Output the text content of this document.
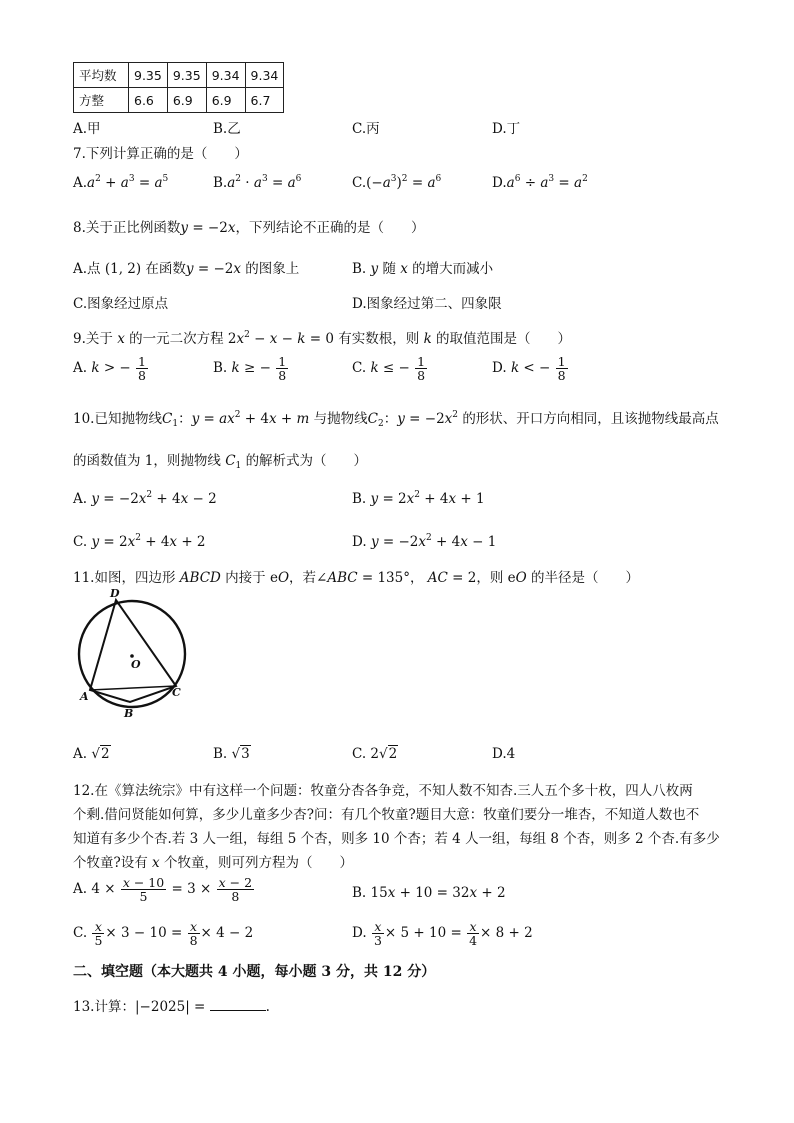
平均数	9.35	9.35	9.34	9.34
方整	6.6	6.9	6.9	6.7
A.甲	B.乙	C.丙	D.丁
7.下列计算正确的是（　　）
$A.a^2 + a^3 = a^5$	$B.a^2 \cdot a^3 = a^6$	$C.(-a^3)^2 = a^6$	$D.a^6 \div a^3 = a^2$
8.关于正比例函数y = −2x，下列结论不正确的是（　　）
A.点 (1, 2) 在函数y = −2x 的图象上	B. y 随 x 的增大而减小
C.图象经过原点	D.图象经过第二、四象限
9.关于 x 的一元二次方程 $2x^2 - x - k = 0$ 有实数根，则 k 的取值范围是（　　）
A. k > − $\frac{1}{8}$	B. k ≥ − $\frac{1}{8}$	C. k ≤ − $\frac{1}{8}$	D. k < − $\frac{1}{8}$
10.已知抛物线$C_1$：$y = ax^2 + 4x + m$ 与抛物线$C_2$：$y = -2x^2$ 的形状、开口方向相同，且该抛物线最高点
的函数值为 1，则抛物线 $C_1$ 的解析式为（　　）
A. $y = -2x^2 + 4x - 2$	B. $y = 2x^2 + 4x + 1$
C. $y = 2x^2 + 4x + 2$	D. $y = -2x^2 + 4x - 1$
11.如图，四边形 ABCD 内接于 eO，若∠ABC = 135°， AC = 2，则 eO 的半径是（　　）
D
O
A
B
C
A. √2	B. √3	C. 2√2	D.4
12.在《算法统宗》中有这样一个问题：牧童分杏各争竞，不知人数不知杏.三人五个多十枚，四人八枚两
个剩.借问贤能如何算，多少儿童多少杏?问：有几个牧童?题目大意：牧童们要分一堆杏，不知道人数也不
知道有多少个杏.若 3 人一组，每组 5 个杏，则多 10 个杏；若 4 人一组，每组 8 个杏，则多 2 个杏.有多少
个牧童?设有 x 个牧童，则可列方程为（　　）
A. $4 \times \frac{x - 10}{5} = 3 \times \frac{x - 2}{8}$	B. 15x + 10 = 32x + 2
C. $\frac{x}{5} \times 3 - 10 = \frac{x}{8} \times 4 - 2$	D. $\frac{x}{3} \times 5 + 10 = \frac{x}{4} \times 8 + 2$
二、填空题（本大题共 4 小题，每小题 3 分，共 12 分）
13.计算：|−2025| =	.
